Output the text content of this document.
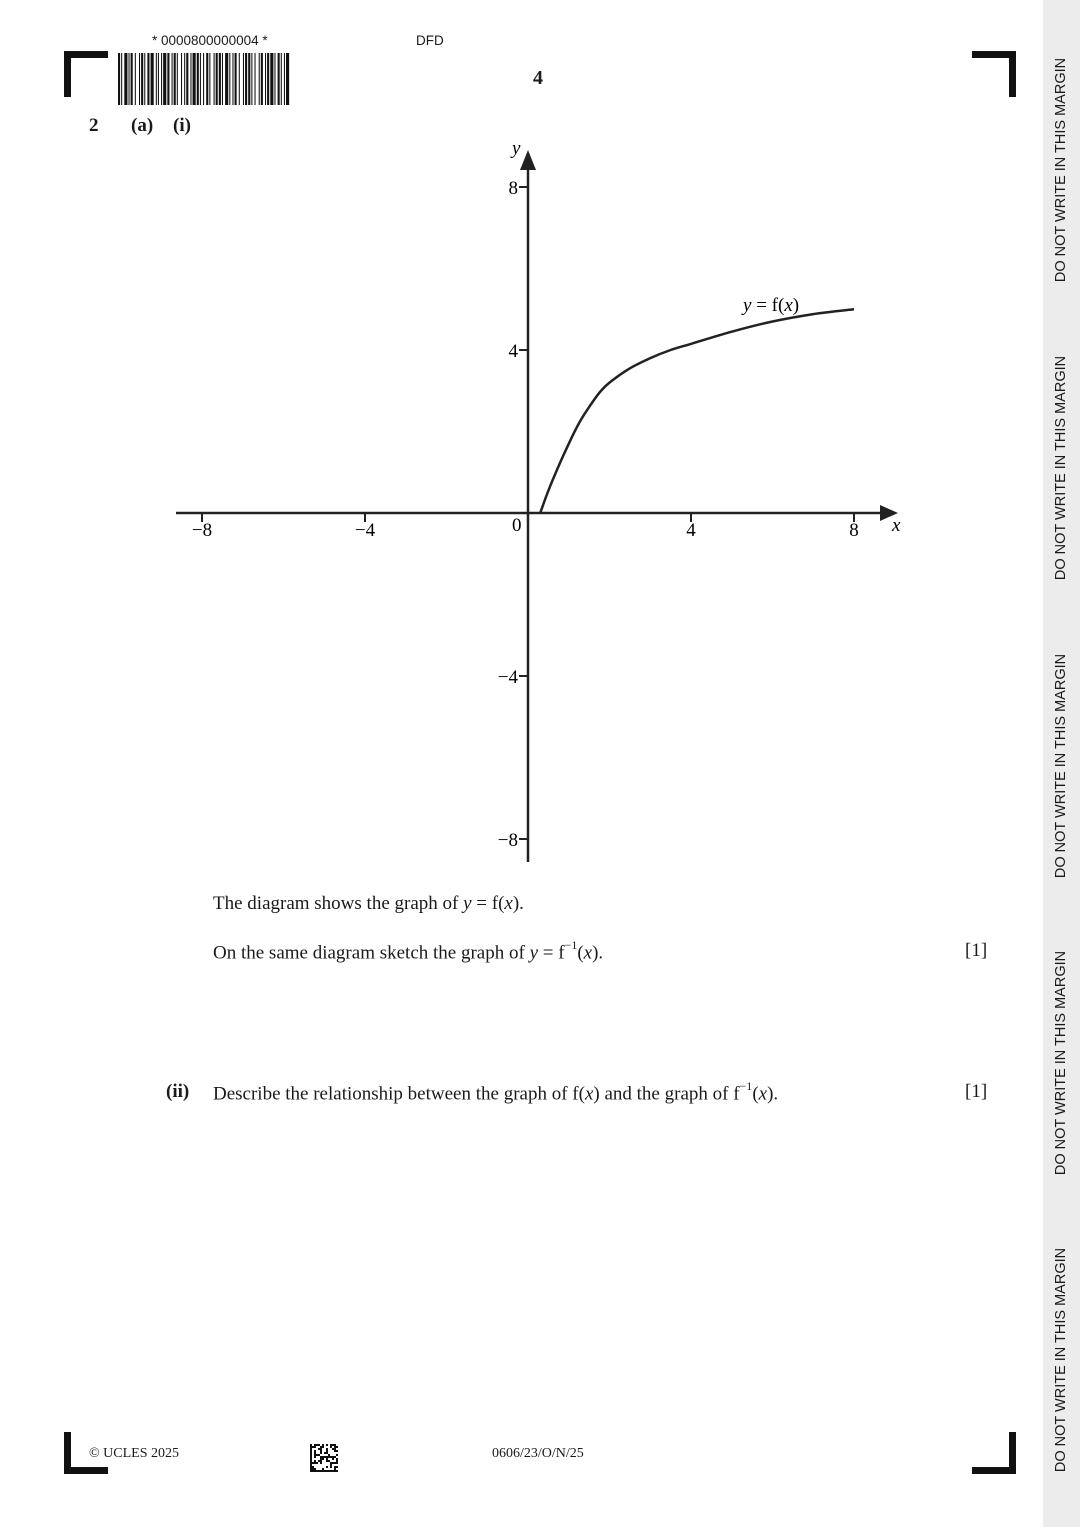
* 0000800000004 *	DFD
4
2 (a) (i)
x
y
0
−8	−4	4	8
−8
−4
4
8
y = f(x)
The diagram shows the graph of y = f(x).
On the same diagram sketch the graph of $y = f^{-1}(x)$.	[1]
(ii) Describe the relationship between the graph of f(x) and the graph of $f^{-1}(x)$.	[1]
DO NOT WRITE IN THIS MARGIN
DO NOT WRITE IN THIS MARGIN
DO NOT WRITE IN THIS MARGIN
DO NOT WRITE IN THIS MARGIN
DO NOT WRITE IN THIS MARGIN
© UCLES 2025	0606/23/O/N/25
